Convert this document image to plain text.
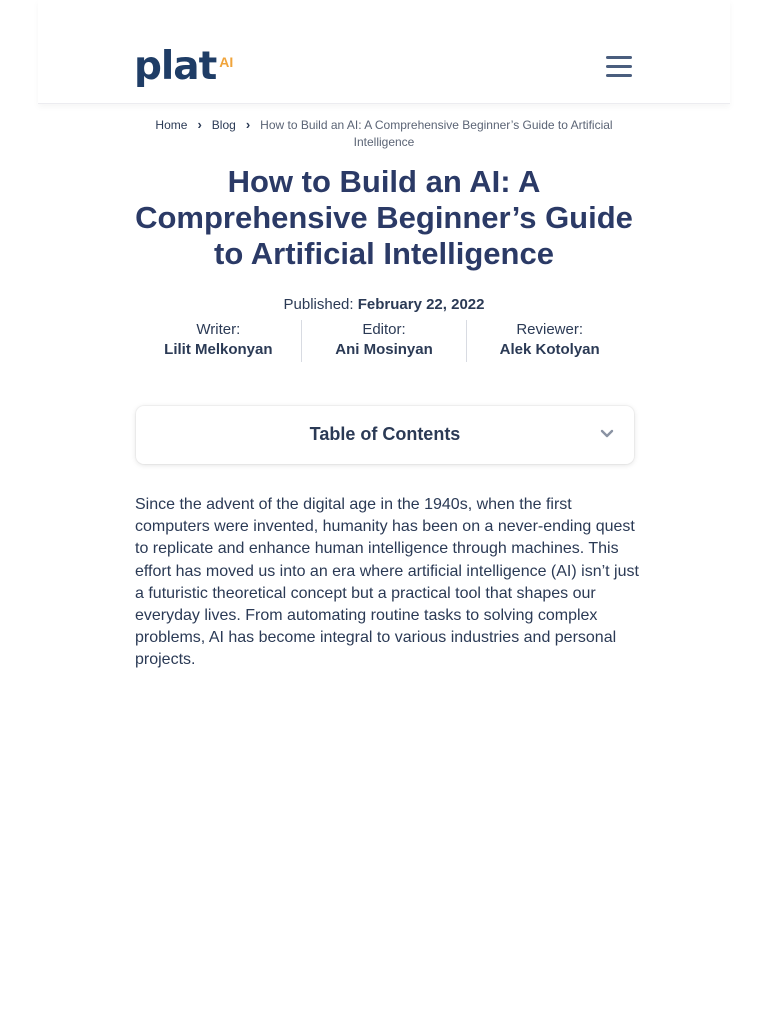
plat AI
Home › Blog › How to Build an AI: A Comprehensive Beginner’s Guide to Artificial Intelligence
How to Build an AI: A Comprehensive Beginner’s Guide to Artificial Intelligence
Published: February 22, 2022
Writer:
Lilit Melkonyan
Editor:
Ani Mosinyan
Reviewer:
Alek Kotolyan
Table of Contents

Since the advent of the digital age in the 1940s, when the first computers were invented, humanity has been on a never-ending quest to replicate and enhance human intelligence through machines. This effort has moved us into an era where artificial intelligence (AI) isn’t just a futuristic theoretical concept but a practical tool that shapes our everyday lives. From automating routine tasks to solving complex problems, AI has become integral to various industries and personal projects.
